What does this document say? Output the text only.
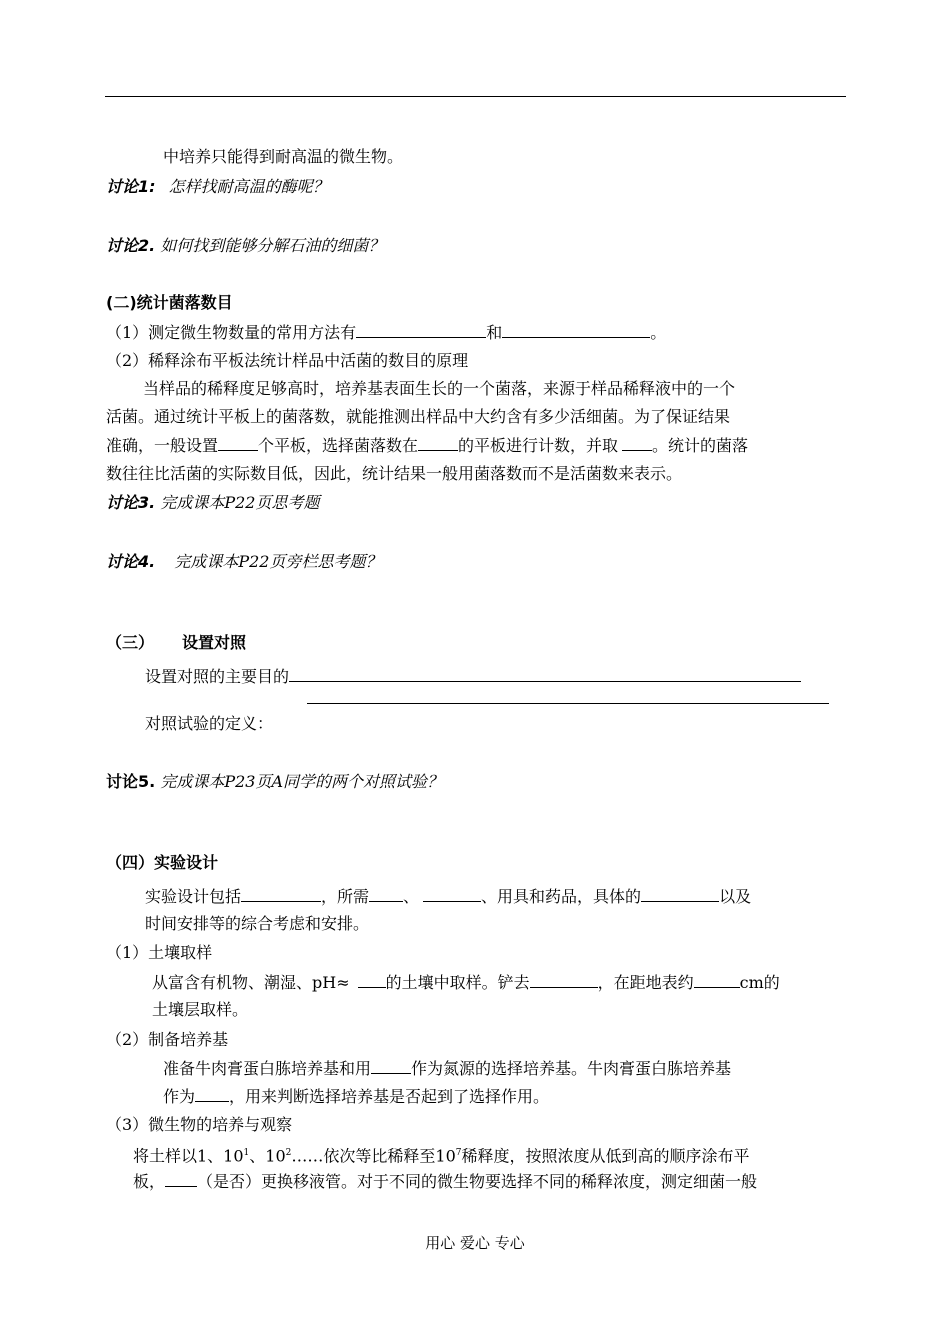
中培养只能得到耐高温的微生物。
讨论1: 怎样找耐高温的酶呢？
讨论2. 如何找到能够分解石油的细菌？
(二)统计菌落数目
（1）测定微生物数量的常用方法有	和	。
（2）稀释涂布平板法统计样品中活菌的数目的原理
当样品的稀释度足够高时，培养基表面生长的一个菌落，来源于样品稀释液中的一个
活菌。通过统计平板上的菌落数，就能推测出样品中大约含有多少活细菌。为了保证结果
准确，一般设置	个平板，选择菌落数在	的平板进行计数，并取 。统计的菌落
数往往比活菌的实际数目低，因此，统计结果一般用菌落数而不是活菌数来表示。
讨论3. 完成课本P22页思考题
讨论4. 完成课本P22页旁栏思考题？
（三） 设置对照
设置对照的主要目的
对照试验的定义：
讨论5. 完成课本P23页A同学的两个对照试验？
（四）实验设计
实验设计包括	，所需 、	、用具和药品，具体的	以及
时间安排等的综合考虑和安排。
（1）土壤取样
从富含有机物、潮湿、pH≈ 的土壤中取样。铲去	，在距地表约	cm的
土壤层取样。
（2）制备培养基
准备牛肉膏蛋白胨培养基和用	作为氮源的选择培养基。牛肉膏蛋白胨培养基
作为 ，用来判断选择培养基是否起到了选择作用。
（3）微生物的培养与观察
将土样以1、$10^1$、$10^2\dots\dots$依次等比稀释至$10^7$稀释度，按照浓度从低到高的顺序涂布平
板， （是否）更换移液管。对于不同的微生物要选择不同的稀释浓度，测定细菌一般
用心 爱心 专心
